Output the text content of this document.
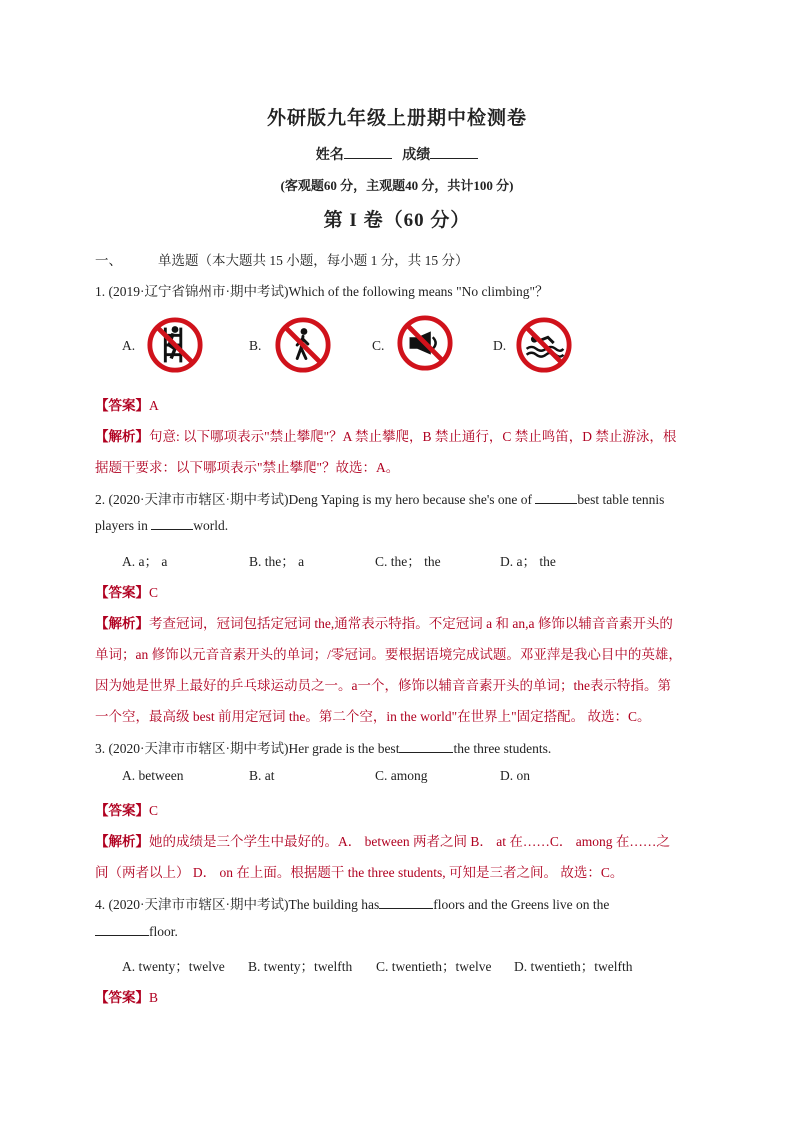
外研版九年级上册期中检测卷
姓名	成绩
(客观题60 分，主观题40 分，共计100 分)
第 I 卷（60 分）
一、	单选题（本大题共 15 小题，每小题 1 分，共 15 分）
1. (2019·辽宁省锦州市·期中考试)Which of the following means "No climbing"？
A.	B.	C.	D.
【答案】A
【解析】句意: 以下哪项表示"禁止攀爬"？A 禁止攀爬，B 禁止通行，C 禁止鸣笛，D 禁止游泳，根
据题干要求：以下哪项表示"禁止攀爬"？故选：A。
2. (2020·天津市市辖区·期中考试)Deng Yaping is my hero because she's one of	best table tennis
players in	world.
A. a； a	B. the； a	C. the； the	D. a； the
【答案】C
【解析】考查冠词，冠词包括定冠词 the,通常表示特指。不定冠词 a 和 an,a 修饰以辅音音素开头的
单词；an 修饰以元音音素开头的单词；/零冠词。要根据语境完成试题。邓亚萍是我心目中的英雄，
因为她是世界上最好的乒乓球运动员之一。a一个，修饰以辅音音素开头的单词；the表示特指。第
一个空，最高级 best 前用定冠词 the。第二个空，in the world"在世界上"固定搭配。 故选：C。
3. (2020·天津市市辖区·期中考试)Her grade is the best	the three students.
A. between	B. at	C. among	D. on
【答案】C
【解析】她的成绩是三个学生中最好的。A． between 两者之间 B． at 在……C． among 在……之
间（两者以上） D． on 在上面。根据题干 the three students, 可知是三者之间。 故选：C。
4. (2020·天津市市辖区·期中考试)The building has	floors and the Greens live on the
floor.
A. twenty；twelve B. twenty；twelfth C. twentieth；twelve D. twentieth；twelfth
【答案】B
